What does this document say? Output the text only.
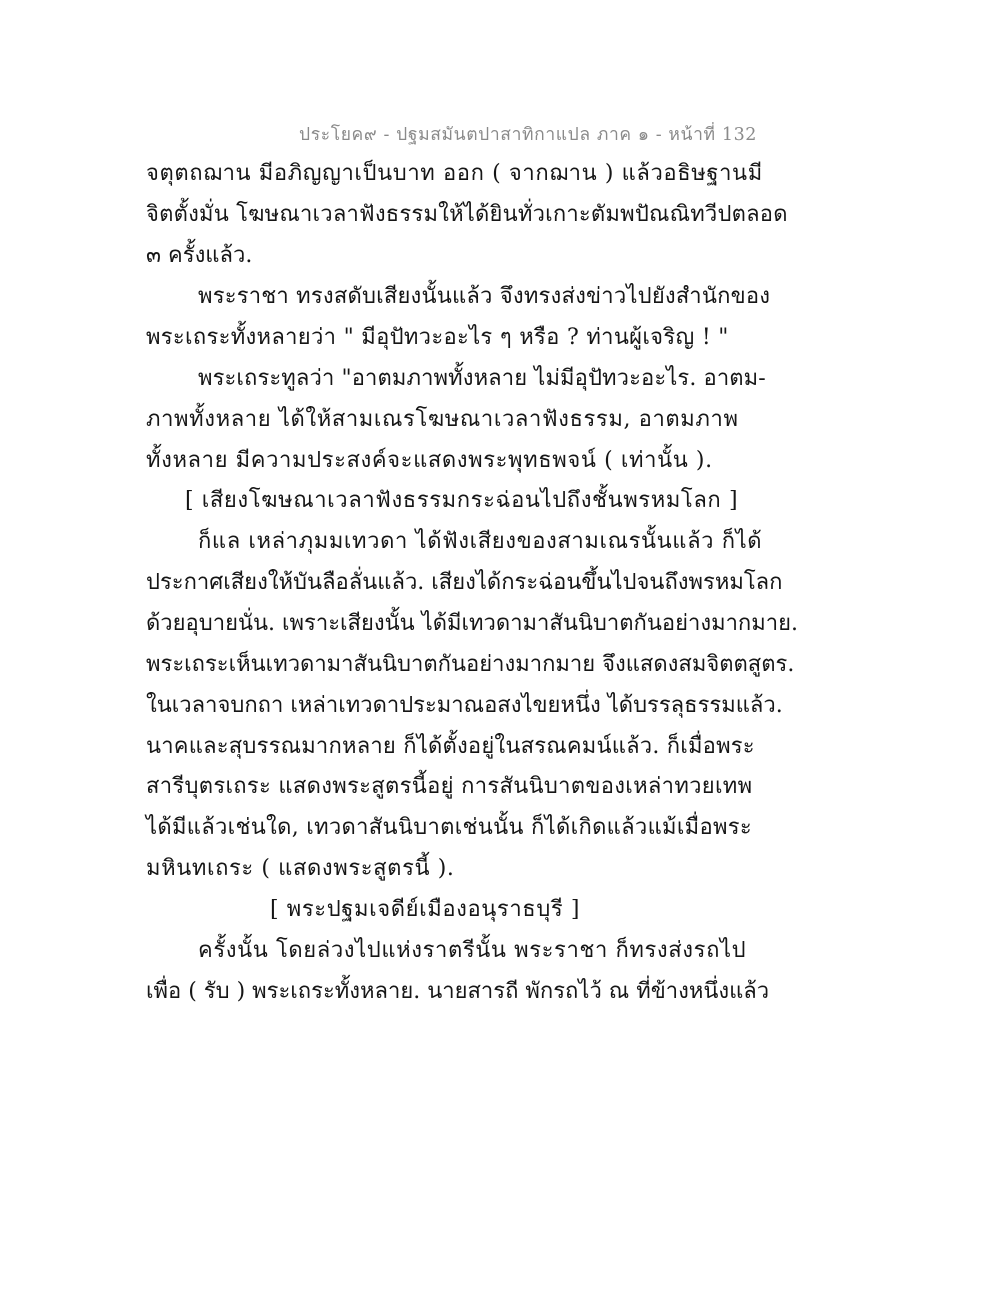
ประโยค๙ - ปฐมสมันตปาสาทิกาแปล ภาค ๑ - หน้าที่ 132

จตุตถฌาน มีอภิญญาเป็นบาท ออก ( จากฌาน ) แล้วอธิษฐานมี

จิตตั้งมั่น โฆษณาเวลาฟังธรรมให้ได้ยินทั่วเกาะตัมพปัณณิทวีปตลอด

๓ ครั้งแล้ว.

พระราชา ทรงสดับเสียงนั้นแล้ว จึงทรงส่งข่าวไปยังสำนักของ

พระเถระทั้งหลายว่า " มีอุปัทวะอะไร ๆ หรือ ? ท่านผู้เจริญ ! "

พระเถระทูลว่า "อาตมภาพทั้งหลาย ไม่มีอุปัทวะอะไร. อาตม-

ภาพทั้งหลาย ได้ให้สามเณรโฆษณาเวลาฟังธรรม, อาตมภาพ

ทั้งหลาย มีความประสงค์จะแสดงพระพุทธพจน์ ( เท่านั้น ).

[ เสียงโฆษณาเวลาฟังธรรมกระฉ่อนไปถึงชั้นพรหมโลก ]

ก็แล เหล่าภุมมเทวดา ได้ฟังเสียงของสามเณรนั้นแล้ว ก็ได้

ประกาศเสียงให้บันลือลั่นแล้ว. เสียงได้กระฉ่อนขึ้นไปจนถึงพรหมโลก

ด้วยอุบายนั่น. เพราะเสียงนั้น ได้มีเทวดามาสันนิบาตกันอย่างมากมาย.

พระเถระเห็นเทวดามาสันนิบาตกันอย่างมากมาย จึงแสดงสมจิตตสูตร.

ในเวลาจบกถา เหล่าเทวดาประมาณอสงไขยหนึ่ง ได้บรรลุธรรมแล้ว.

นาคและสุบรรณมากหลาย ก็ได้ตั้งอยู่ในสรณคมน์แล้ว. ก็เมื่อพระ

สารีบุตรเถระ แสดงพระสูตรนี้อยู่ การสันนิบาตของเหล่าทวยเทพ

ได้มีแล้วเช่นใด, เทวดาสันนิบาตเช่นนั้น ก็ได้เกิดแล้วแม้เมื่อพระ

มหินทเถระ ( แสดงพระสูตรนี้ ).

[ พระปฐมเจดีย์เมืองอนุราธบุรี ]

ครั้งนั้น โดยล่วงไปแห่งราตรีนั้น พระราชา ก็ทรงส่งรถไป

เพื่อ ( รับ ) พระเถระทั้งหลาย. นายสารถี พักรถไว้ ณ ที่ข้างหนึ่งแล้ว
